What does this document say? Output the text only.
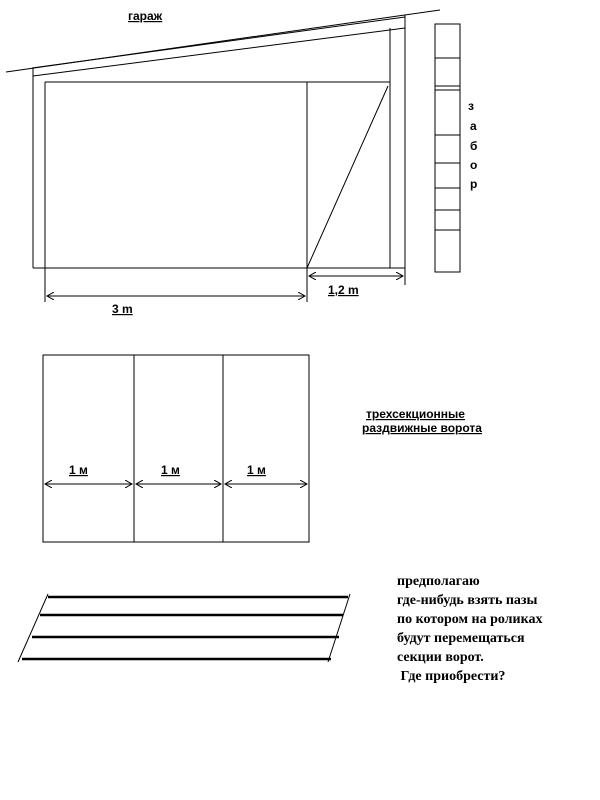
гараж
3 m
1,2 m
з
а
б
о
р
1 м	1 м	1 м
трехсекционные
раздвижные ворота
предполагаю
где-нибудь взять пазы
по котором на роликах
будут перемещаться
секции ворот.
Где приобрести?
